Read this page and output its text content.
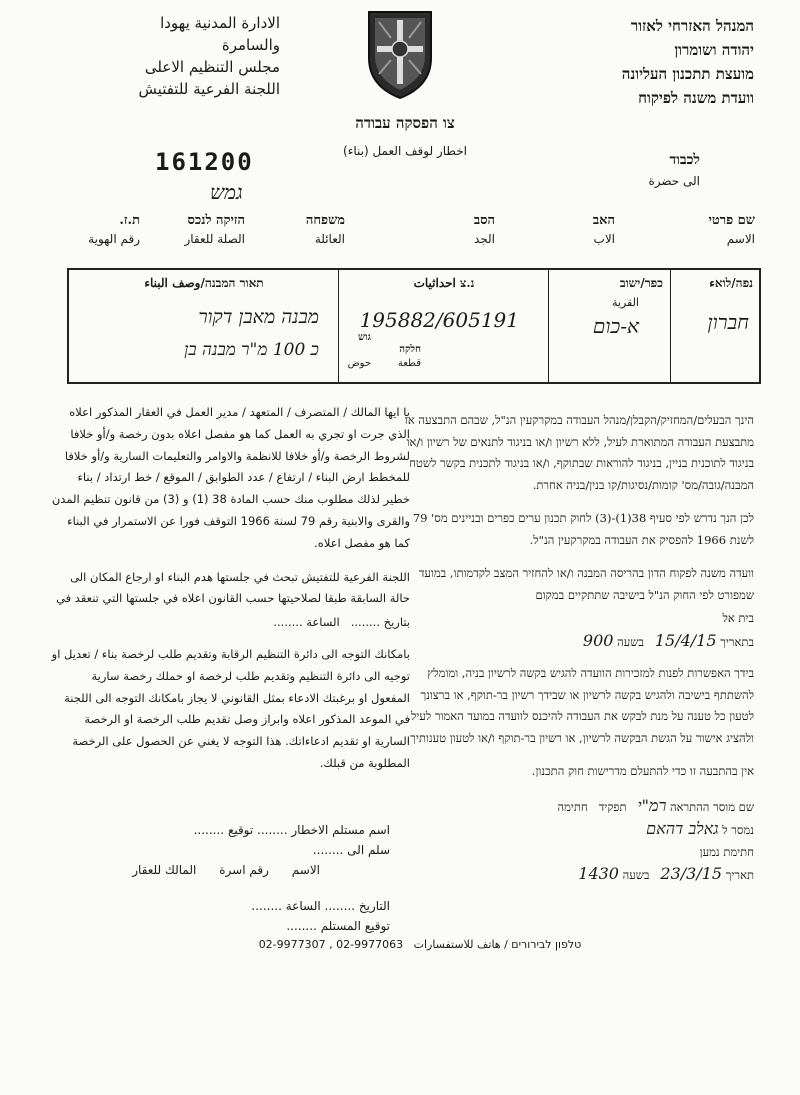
המנהל האזרחי לאזור
יהודה ושומרון
מועצת תתכנון העליונה
וועדת משנה לפיקוח
الادارة المدنية يهودا
والسامرة
مجلس التنظيم الاعلى
اللجنة الفرعية للتفتيش
צו הפסקה עבודה
اخطار لوقف العمل (بناء)
161200	לכבוד
الى حضرة
גמש
שם פרטי
الاسم
האב
الاب
הסב
الجد
משפחה
العائلة
הזיקה לנכס
الصلة للعقار
ת.ז.
رقم الهوية
נפה/לואء
חברון
כפר/ישוב
القرية
א-כום
נ.צ احداثيات
195882/605191
גוש
חלקה
حوض	قطعة
תאור המבנה/وصف البناء
מבנה מאבן דקור
כ 100 מ"ר מבנה בן

הינך הבעלים/המחזיק/הקבלן/מנהל העבודה במקרקעין הנ"ל, שבהם התבצעה או מתבצעת העבודה המתוארת לעיל, ללא רשיון ו/או בניגוד לתנאים של רשיון ו/או בניגוד לתוכנית בניין, בניגוד להוראות שבתוקף, ו/או בניגוד לתכנית בקשר לשטח המבנה/גובה/מס' קומות/נסיגות/קו בנין/בניה אחרת.

לכן הנך נדרש לפי סעיף 38(1)-(3) לחוק תכנון ערים כפרים ובניינים מס' 79 לשנת 1966 להפסיק את העבודה במקרקעין הנ"ל.

וועדה משנה לפקוח הדון בהריסה המבנה ו/או להחזיר המצב לקדמותו, במועד שמפורט לפי החוק הנ"ל בישיבה שתתקיים במקום

בית אל
בתאריך 15/4/15   בשעה 900

בידך האפשרות לפנות למזכירות הוועדה להגיש בקשה לרשיון בניה, ומומלץ להשתתף בישיבה ולהגיש בקשה לרשיון או שבידך רשיון בר-תוקף, או ברצונך לטעון כל טענה על מנת לבקש את העבודה להיכנס לוועדה במועד האמור לעיל. ולהציג אישור על הגשת הבקשה לרשיון, או רשיון בר-תוקף ו/או לטעון טענותיך.

אין בהתבעה זו כדי להתעלם מדרישות חוק התכנון.

שם מוסר ההתראה רמ"י   תפקיד   חתימה
נמסר ל גאלב דהאם
חתימת נמען
תאריך 23/3/15   בשעה 1430

يا ايها المالك / المتصرف / المتعهد / مدير العمل في العقار المذكور اعلاه الذي جرت او تجري به العمل كما هو مفصل اعلاه بدون رخصة و/أو خلافا لشروط الرخصة و/أو خلافا للانظمة والاوامر والتعليمات السارية و/أو خلافا للمخطط ارض البناء / ارتفاع / عدد الطوابق / الموقع / خط ارتداد / بناء خطير لذلك مطلوب منك حسب المادة 38 (1) و (3) من قانون تنظيم المدن والقرى والابنية رقم 79 لسنة 1966 التوقف فورا عن الاستمرار في البناء كما هو مفصل اعلاه.

اللجنة الفرعية للتفتيش تبحث في جلستها هدم البناء او ارجاع المكان الى حالة السابقة طبقا لصلاحيتها حسب القانون اعلاه في جلستها التي تنعقد في

بتاريخ ........   الساعة ........

بامكانك التوجه الى دائرة التنظيم الرقابة وتقديم طلب لرخصة بناء / تعديل او توجيه الى دائرة التنظيم وتقديم طلب لرخصة او حملك رخصة سارية المفعول او برغبتك الادعاء بمثل القانوني لا يجاز بامكانك التوجه الى اللجنة في الموعد المذكور اعلاه وابراز وصل تقديم طلب الرخصة او الرخصة السارية او تقديم ادعاءاتك. هذا التوجه لا يغني عن الحصول على الرخصة المطلوبة من قبلك.

اسم مستلم الاخطار ........ توقيع ........
سلم الى ........
الاسم      رقم اسرة      المالك للعقار
التاريخ ........ الساعة ........
توقيع المستلم ........
טלפון לבירורים / هاتف للاستفسارات   02-9977307 , 02-9977063
